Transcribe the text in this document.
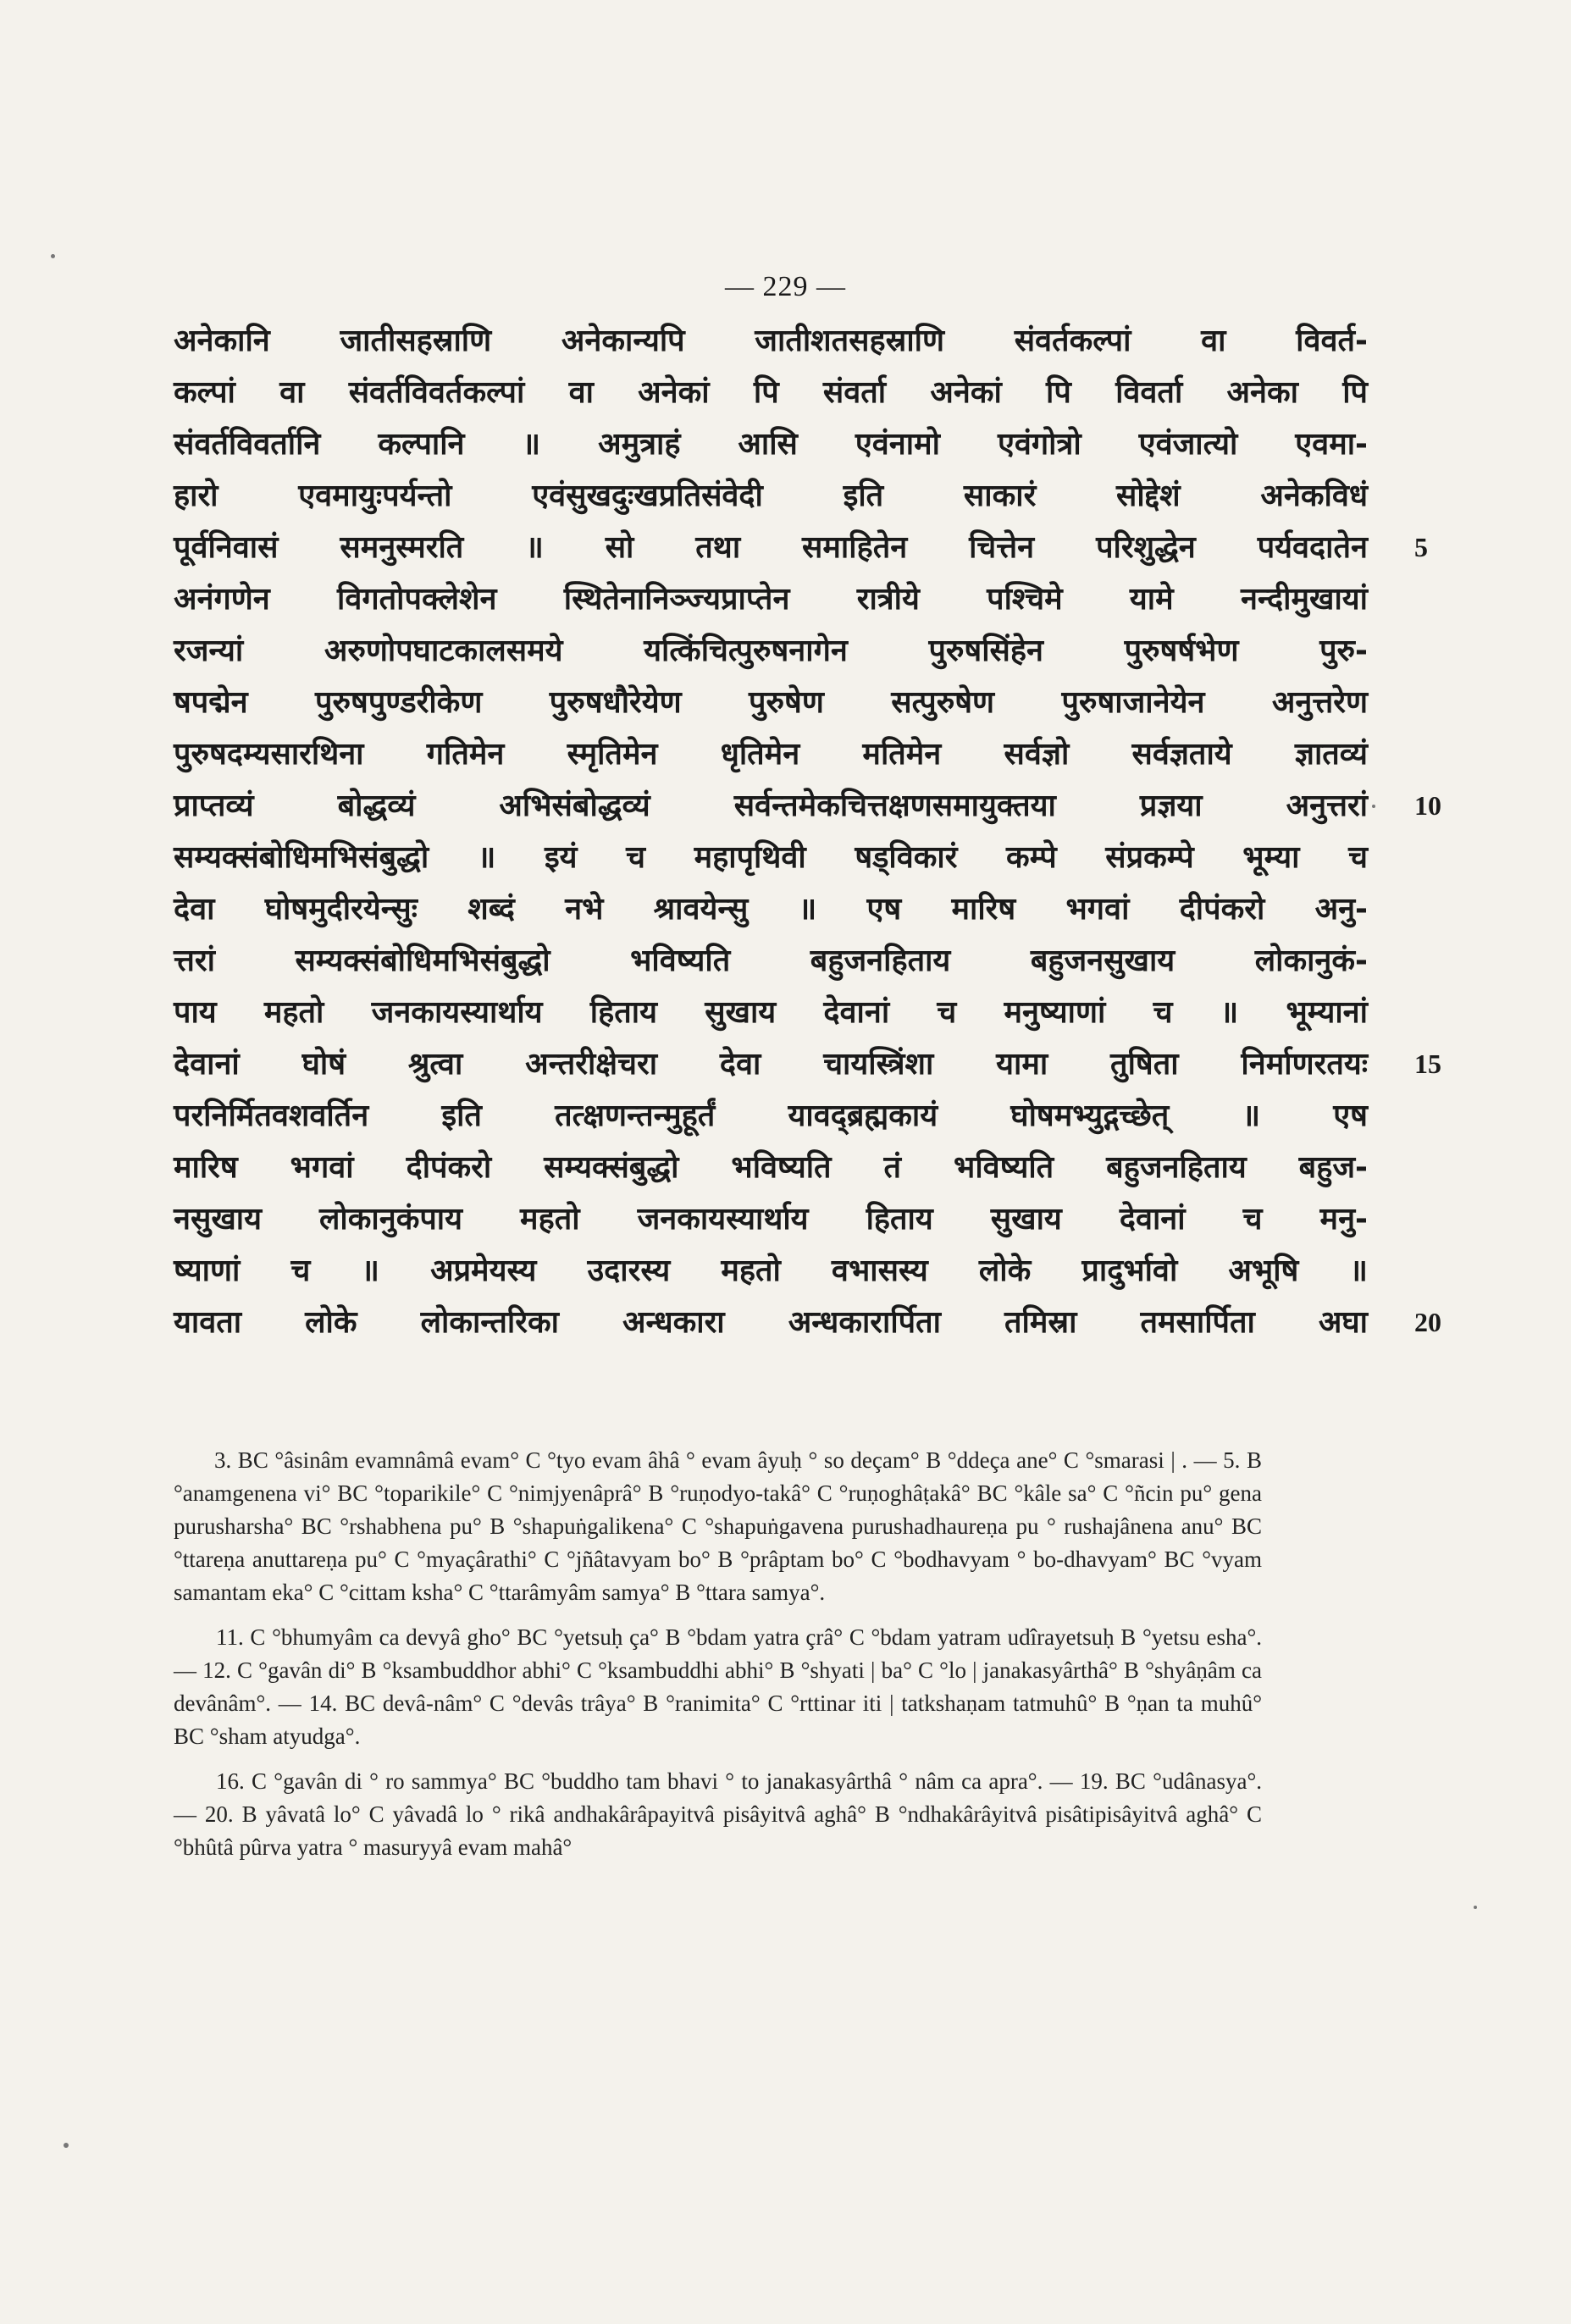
— 229 —
अनेकानि जातीसहस्राणि अनेकान्यपि जातीशतसहस्राणि संवर्तकल्पां वा विवर्त-
कल्पां वा संवर्तविवर्तकल्पां वा अनेकां पि संवर्ता अनेकां पि विवर्ता अनेका पि
संवर्तविवर्तानि कल्पानि ॥ अमुत्राहं आसि एवंनामो एवंगोत्रो एवंजात्यो एवमा-
हारो एवमायुःपर्यन्तो एवंसुखदुःखप्रतिसंवेदी इति साकारं सोद्देशं अनेकविधं
पूर्वनिवासं समनुस्मरति ॥ सो तथा समाहितेन चित्तेन परिशुद्धेन पर्यवदातेन 5
अनंगणेन विगतोपक्लेशेन स्थितेनानिञ्ज्यप्राप्तेन रात्रीये पश्चिमे यामे नन्दीमुखायां
रजन्यां अरुणोपघाटकालसमये यत्किंचित्पुरुषनागेन पुरुषसिंहेन पुरुषर्षभेण पुरु-
षपद्मेन पुरुषपुण्डरीकेण पुरुषधौरेयेण पुरुषेण सत्पुरुषेण पुरुषाजानेयेन अनुत्तरेण
पुरुषदम्यसारथिना गतिमेन स्मृतिमेन धृतिमेन मतिमेन सर्वज्ञो सर्वज्ञताये ज्ञातव्यं
प्राप्तव्यं बोद्धव्यं अभिसंबोद्धव्यं सर्वन्तमेकचित्तक्षणसमायुक्तया प्रज्ञया अनुत्तरां 10
सम्यक्संबोधिमभिसंबुद्धो ॥ इयं च महापृथिवी षड्विकारं कम्पे संप्रकम्पे भूम्या च
देवा घोषमुदीरयेन्सुः शब्दं नभे श्रावयेन्सु ॥ एष मारिष भगवां दीपंकरो अनु-
त्तरां सम्यक्संबोधिमभिसंबुद्धो भविष्यति बहुजनहिताय बहुजनसुखाय लोकानुकं-
पाय महतो जनकायस्यार्थाय हिताय सुखाय देवानां च मनुष्याणां च ॥ भूम्यानां
देवानां घोषं श्रुत्वा अन्तरीक्षेचरा देवा चायस्त्रिंशा यामा तुषिता निर्माणरतयः 15
परनिर्मितवशवर्तिन इति तत्क्षणन्तन्मुहूर्तं यावद्ब्रह्मकायं घोषमभ्युद्गच्छेत् ॥ एष
मारिष भगवां दीपंकरो सम्यक्संबुद्धो भविष्यति तं भविष्यति बहुजनहिताय बहुज-
नसुखाय लोकानुकंपाय महतो जनकायस्यार्थाय हिताय सुखाय देवानां च मनु-
ष्याणां च ॥ अप्रमेयस्य उदारस्य महतो वभासस्य लोके प्रादुर्भावो अभूषि ॥
यावता लोके लोकान्तरिका अन्धकारा अन्धकारार्पिता तमिस्रा तमसार्पिता अघा 20

3. BC °âsinâm evamnâmâ evam° C °tyo evam âhâ ° evam âyuḥ ° so deçam° B °ddeça ane° C °smarasi | . — 5. B °anamgenena vi° BC °toparikile° C °nimjyenâprâ° B °ruṇodyo-takâ° C °ruṇoghâṭakâ° BC °kâle sa° C °ñcin pu° gena purusharsha° BC °rshabhena pu° B °shapuṅgalikena° C °shapuṅgavena purushadhaureṇa pu ° rushajânena anu° BC °ttareṇa anuttareṇa pu° C °myaçârathi° C °jñâtavyam bo° B °prâptam bo° C °bodhavyam ° bo-dhavyam° BC °vyam samantam eka° C °cittam ksha° C °ttarâmyâm samya° B °ttara samya°.

11. C °bhumyâm ca devyâ gho° BC °yetsuḥ ça° B °bdam yatra çrâ° C °bdam yatram udîrayetsuḥ B °yetsu esha°. — 12. C °gavân di° B °ksambuddhor abhi° C °ksambuddhi abhi° B °shyati | ba° C °lo | janakasyârthâ° B °shyâṇâm ca devânâm°. — 14. BC devâ-nâm° C °devâs trâya° B °ranimita° C °rttinar iti | tatkshaṇam tatmuhû° B °ṇan ta muhû° BC °sham atyudga°.

16. C °gavân di ° ro sammya° BC °buddho tam bhavi ° to janakasyârthâ ° nâm ca apra°. — 19. BC °udânasya°. — 20. B yâvatâ lo° C yâvadâ lo ° rikâ andhakârâpayitvâ pisâyitvâ aghâ° B °ndhakârâyitvâ pisâtipisâyitvâ aghâ° C °bhûtâ pûrva yatra ° masuryyâ evam mahâ°
